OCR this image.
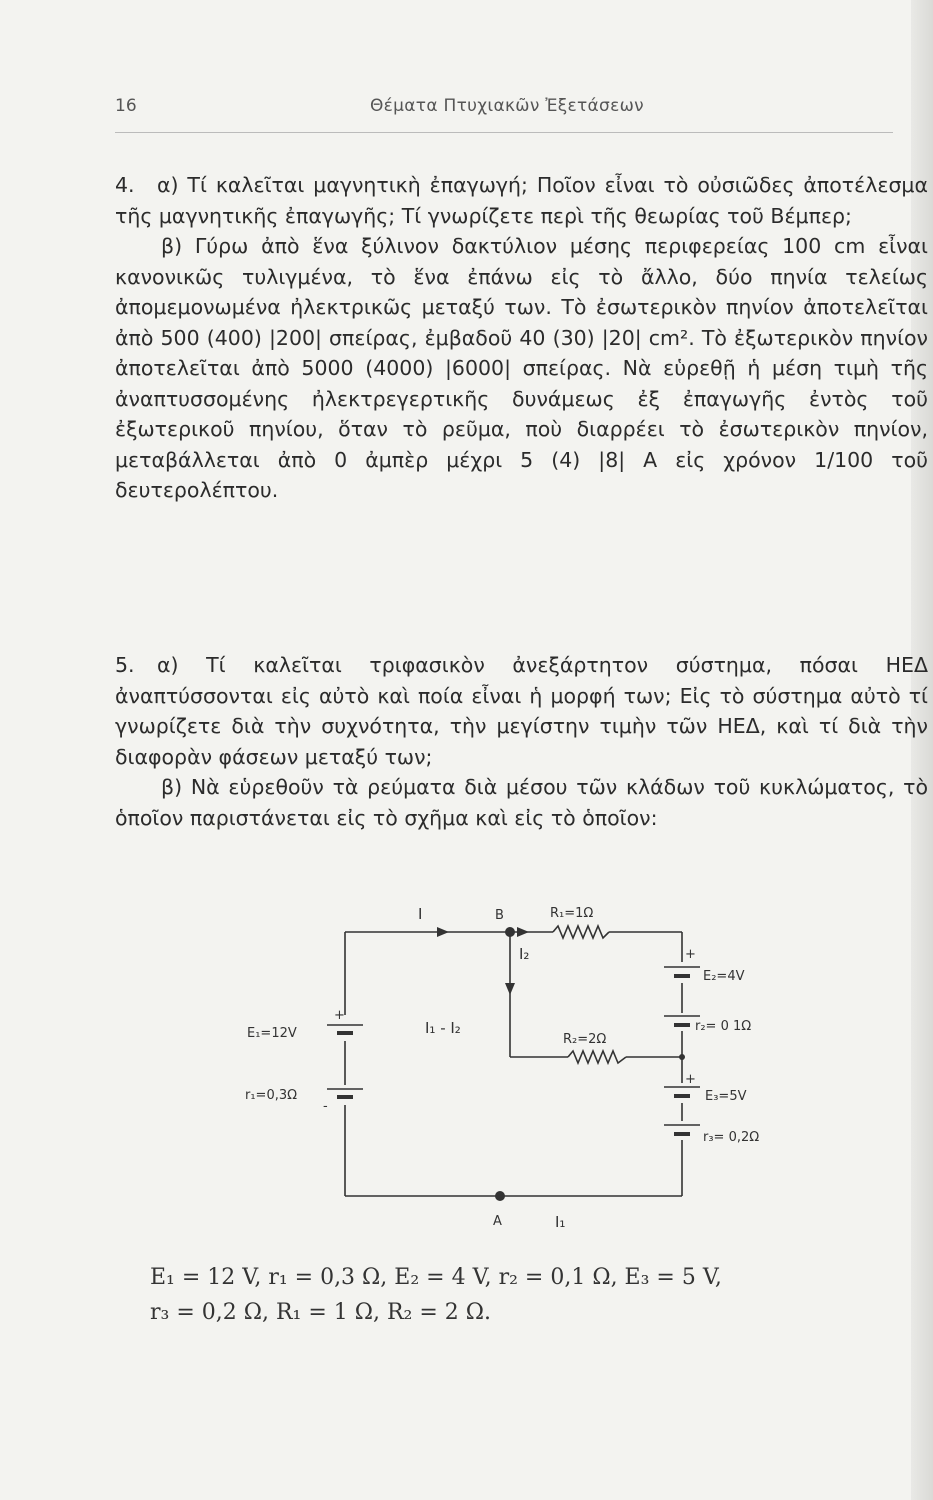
16	Θέματα Πτυχιακῶν Ἐξετάσεων

4. α) Τί καλεῖται μαγνητικὴ ἐπαγωγή; Ποῖον εἶναι τὸ οὐσιῶδες ἀποτέλεσμα τῆς μαγνητικῆς ἐπαγωγῆς; Τί γνωρίζετε περὶ τῆς θεωρίας τοῦ Βέμπερ;

β) Γύρω ἀπὸ ἕνα ξύλινον δακτύλιον μέσης περιφερείας 100 cm εἶναι κανονικῶς τυλιγμένα, τὸ ἕνα ἐπάνω εἰς τὸ ἄλλο, δύο πηνία τελείως ἀπομεμονωμένα ἠλεκτρικῶς μεταξύ των. Τὸ ἐσωτερικὸν πηνίον ἀποτελεῖται ἀπὸ 500 (400) |200| σπείρας, ἐμβαδοῦ 40 (30) |20| cm². Τὸ ἐξωτερικὸν πηνίον ἀποτελεῖται ἀπὸ 5000 (4000) |6000| σπείρας. Νὰ εὑρεθῇ ἡ μέση τιμὴ τῆς ἀναπτυσσομένης ἠλεκτρεγερτικῆς δυνάμεως ἐξ ἐπαγωγῆς ἐντὸς τοῦ ἐξωτερικοῦ πηνίου, ὅταν τὸ ρεῦμα, ποὺ διαρρέει τὸ ἐσωτερικὸν πηνίον, μεταβάλλεται ἀπὸ 0 ἀμπὲρ μέχρι 5 (4) |8| A εἰς χρόνον 1/100 τοῦ δευτερολέπτου.

5. α) Τί καλεῖται τριφασικὸν ἀνεξάρτητον σύστημα, πόσαι ΗΕΔ ἀναπτύσσονται εἰς αὐτὸ καὶ ποία εἶναι ἡ μορφή των; Εἰς τὸ σύστημα αὐτὸ τί γνωρίζετε διὰ τὴν συχνότητα, τὴν μεγίστην τιμὴν τῶν ΗΕΔ, καὶ τί διὰ τὴν διαφορὰν φάσεων μεταξύ των;

β) Νὰ εὑρεθοῦν τὰ ρεύματα διὰ μέσου τῶν κλάδων τοῦ κυκλώματος, τὸ ὁποῖον παριστάνεται εἰς τὸ σχῆμα καὶ εἰς τὸ ὁποῖον:

I	B	R₁=1Ω
I₂
I₁ - I₂
R₂=2Ω
E₁=12V
+
r₁=0,3Ω
-
+
E₂=4V
r₂= 0 1Ω
+
E₃=5V
r₃= 0,2Ω
A	I₁

E₁ = 12 V, r₁ = 0,3 Ω, E₂ = 4 V, r₂ = 0,1 Ω, E₃ = 5 V,

r₃ = 0,2 Ω, R₁ = 1 Ω, R₂ = 2 Ω.
